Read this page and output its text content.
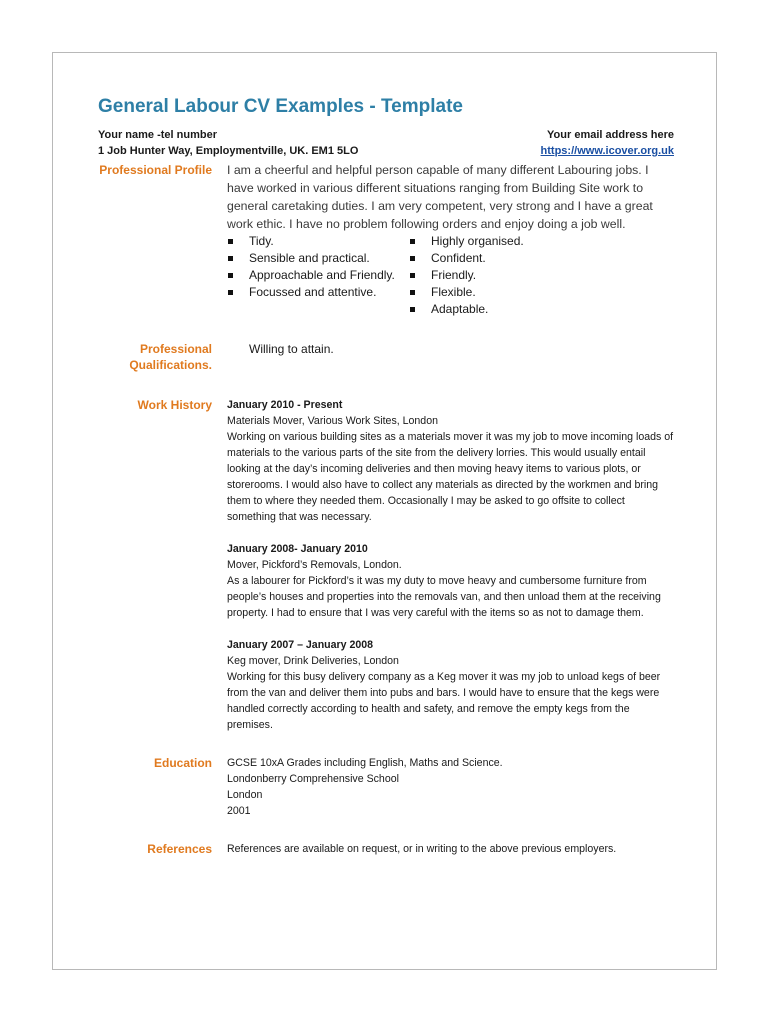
General Labour CV Examples - Template
Your name -tel number
1 Job Hunter Way, Employmentville, UK. EM1 5LO
Your email address here
https://www.icover.org.uk
Professional Profile I am a cheerful and helpful person capable of many different Labouring jobs. I have worked in various different situations ranging from Building Site work to general caretaking duties. I am very competent, very strong and I have a great work ethic. I have no problem following orders and enjoy doing a job well.
Tidy.
Sensible and practical.
Approachable and Friendly.
Focussed and attentive.
Highly organised.
Confident.
Friendly.
Flexible.
Adaptable.
Professional
Qualifications.
Willing to attain.
Work History January 2010 - Present
Materials Mover, Various Work Sites, London
Working on various building sites as a materials mover it was my job to move incoming loads of materials to the various parts of the site from the delivery lorries. This would usually entail looking at the day’s incoming deliveries and then moving heavy items to various plots, or storerooms. I would also have to collect any materials as directed by the workmen and bring them to where they needed them. Occasionally I may be asked to go offsite to collect something that was necessary.
January 2008- January 2010
Mover, Pickford’s Removals, London.
As a labourer for Pickford’s it was my duty to move heavy and cumbersome furniture from people’s houses and properties into the removals van, and then unload them at the receiving property. I had to ensure that I was very careful with the items so as not to damage them.
January 2007 – January 2008
Keg mover, Drink Deliveries, London
Working for this busy delivery company as a Keg mover it was my job to unload kegs of beer from the van and deliver them into pubs and bars. I would have to ensure that the kegs were handled correctly according to health and safety, and remove the empty kegs from the premises.
Education GCSE 10xA Grades including English, Maths and Science.
Londonberry Comprehensive School
London
2001
References References are available on request, or in writing to the above previous employers.
